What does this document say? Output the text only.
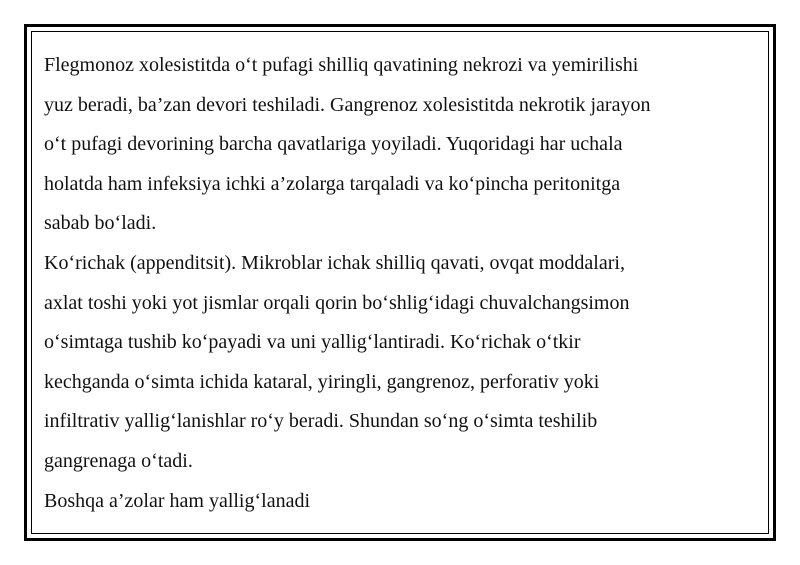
Flegmonoz xolesistitda o‘t pufagi shilliq qavatining nekrozi va yemirilishi
yuz beradi, ba’zan devori teshiladi. Gangrenoz xolesistitda nekrotik jarayon
o‘t pufagi devorining barcha qavatlariga yoyiladi. Yuqoridagi har uchala
holatda ham infeksiya ichki a’zolarga tarqaladi va ko‘pincha peritonitga
sabab bo‘ladi.
Ko‘richak (appenditsit). Mikroblar ichak shilliq qavati, ovqat moddalari,
axlat toshi yoki yot jismlar orqali qorin bo‘shlig‘idagi chuvalchangsimon
o‘simtaga tushib ko‘payadi va uni yallig‘lantiradi. Ko‘richak o‘tkir
kechganda o‘simta ichida kataral, yiringli, gangrenoz, perforativ yoki
infiltrativ yallig‘lanishlar ro‘y beradi. Shundan so‘ng o‘simta teshilib
gangrenaga o‘tadi.
Boshqa a’zolar ham yallig‘lanadi
